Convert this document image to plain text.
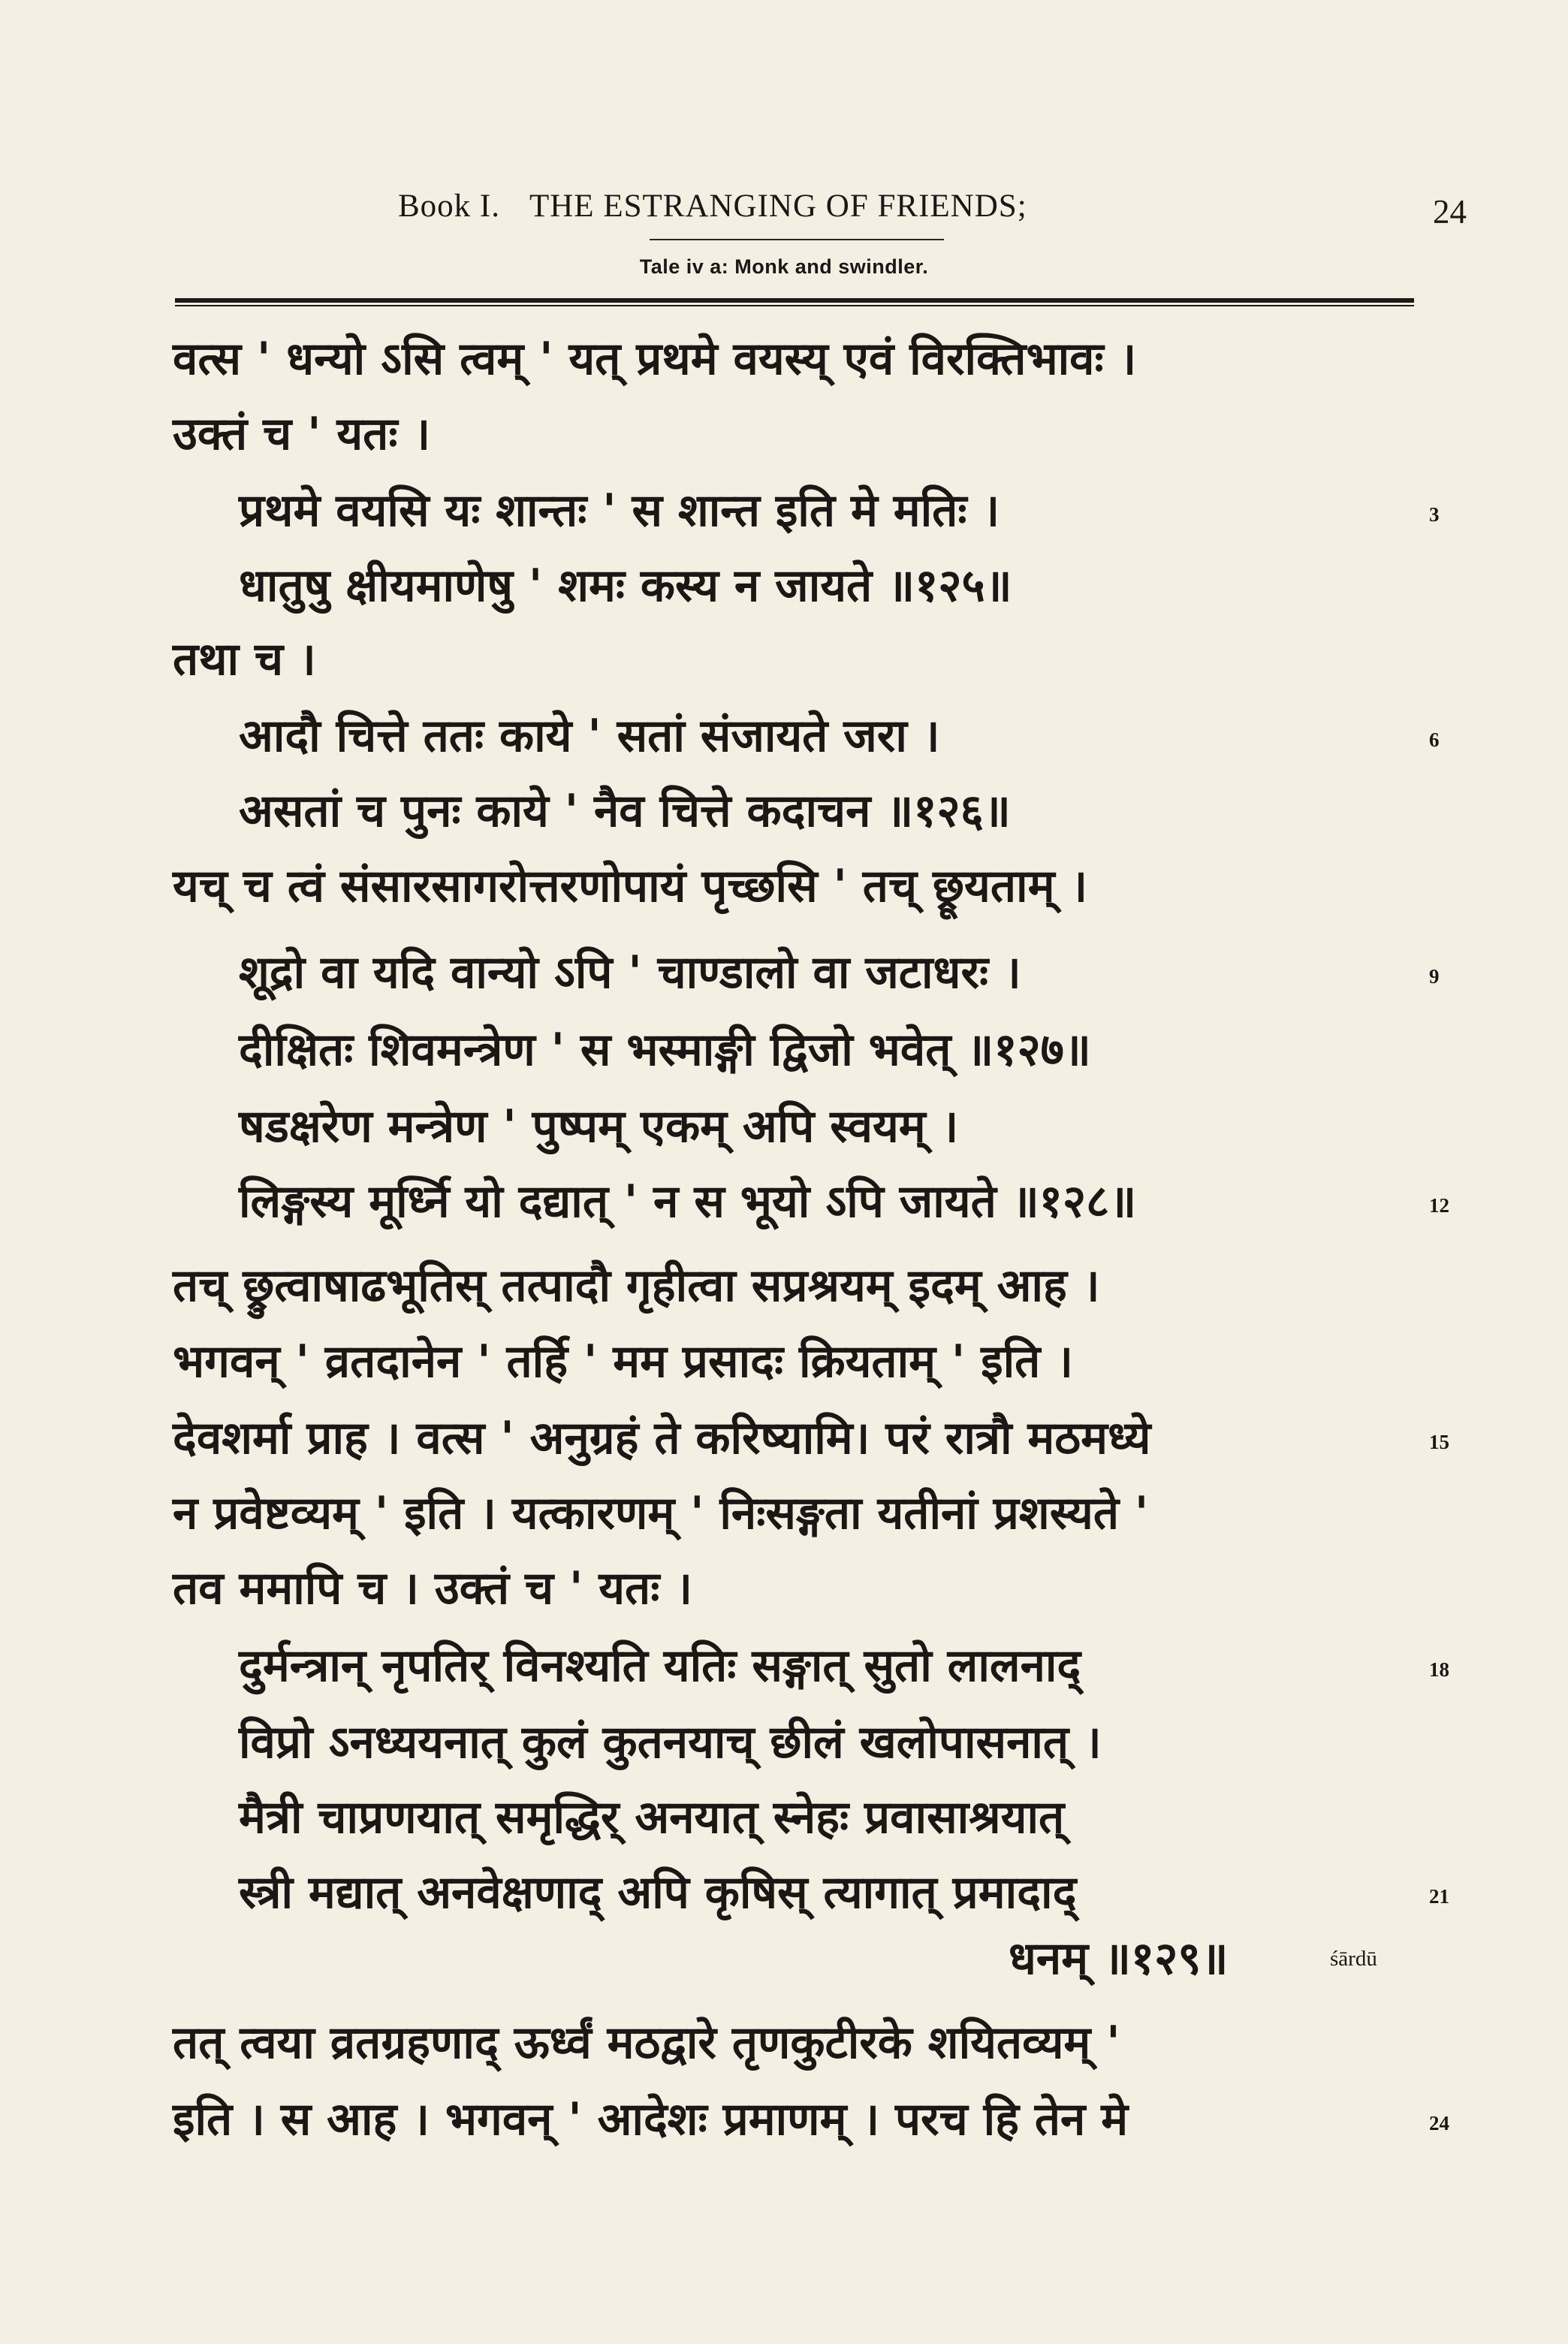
Book I. THE ESTRANGING OF FRIENDS;	24
Tale iv a: Monk and swindler.
वत्स ' धन्यो ऽसि त्वम् ' यत् प्रथमे वयस्य् एवं विरक्तिभावः ।
उक्तं च ' यतः ।
प्रथमे वयसि यः शान्तः ' स शान्त इति मे मतिः ।
धातुषु क्षीयमाणेषु ' शमः कस्य न जायते ॥१२५॥
तथा च ।
आदौ चित्ते ततः काये ' सतां संजायते जरा ।
असतां च पुनः काये ' नैव चित्ते कदाचन ॥१२६॥
यच् च त्वं संसारसागरोत्तरणोपायं पृच्छसि ' तच् छ्रूयताम् ।
शूद्रो वा यदि वान्यो ऽपि ' चाण्डालो वा जटाधरः ।
दीक्षितः शिवमन्त्रेण ' स भस्माङ्गी द्विजो भवेत् ॥१२७॥
षडक्षरेण मन्त्रेण ' पुष्पम् एकम् अपि स्वयम् ।
लिङ्गस्य मूर्ध्नि यो दद्यात् ' न स भूयो ऽपि जायते ॥१२८॥
तच् छ्रुत्वाषाढभूतिस् तत्पादौ गृहीत्वा सप्रश्रयम् इदम् आह ।
भगवन् ' व्रतदानेन ' तर्हि ' मम प्रसादः क्रियताम् ' इति ।
देवशर्मा प्राह । वत्स ' अनुग्रहं ते करिष्यामि। परं रात्रौ मठमध्ये
न प्रवेष्टव्यम् ' इति । यत्कारणम् ' निःसङ्गता यतीनां प्रशस्यते '
तव ममापि च । उक्तं च ' यतः ।
दुर्मन्त्रान् नृपतिर् विनश्यति यतिः सङ्गात् सुतो लालनाद्
विप्रो ऽनध्ययनात् कुलं कुतनयाच् छीलं खलोपासनात् ।
मैत्री चाप्रणयात् समृद्धिर् अनयात् स्नेहः प्रवासाश्रयात्
स्त्री मद्यात् अनवेक्षणाद् अपि कृषिस् त्यागात् प्रमादाद्
धनम् ॥१२९॥	śārdū
तत् त्वया व्रतग्रहणाद् ऊर्ध्वं मठद्वारे तृणकुटीरके शयितव्यम् '
इति । स आह । भगवन् ' आदेशः प्रमाणम् । परच हि तेन मे
3
6
9
12
15
18
21
24
